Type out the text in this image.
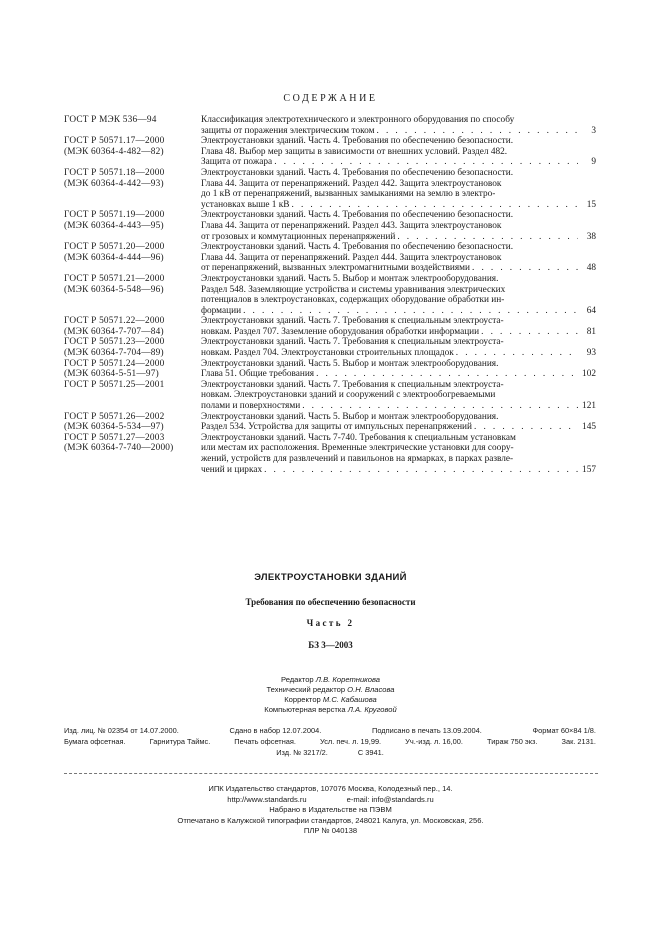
СОДЕРЖАНИЕ
ГОСТ Р МЭК 536—94	Классификация электротехнического и электронного оборудования по способу
защиты от поражения электрическим током . . .	3
ГОСТ Р 50571.17—2000
(МЭК 60364-4-482—82)
Электроустановки зданий. Часть 4. Требования по обеспечению безопасности.
Глава 48. Выбор мер защиты в зависимости от внешних условий. Раздел 482.
Защита от пожара . . .	9
ГОСТ Р 50571.18—2000
(МЭК 60364-4-442—93)
Электроустановки зданий. Часть 4. Требования по обеспечению безопасности.
Глава 44. Защита от перенапряжений. Раздел 442. Защита электроустановок
до 1 кВ от перенапряжений, вызванных замыканиями на землю в электро-
установках выше 1 кВ . . .	15
ГОСТ Р 50571.19—2000
(МЭК 60364-4-443—95)
Электроустановки зданий. Часть 4. Требования по обеспечению безопасности.
Глава 44. Защита от перенапряжений. Раздел 443. Защита электроустановок
от грозовых и коммутационных перенапряжений . . .	38
ГОСТ Р 50571.20—2000
(МЭК 60364-4-444—96)
Электроустановки зданий. Часть 4. Требования по обеспечению безопасности.
Глава 44. Защита от перенапряжений. Раздел 444. Защита электроустановок
от перенапряжений, вызванных электромагнитными воздействиями . . .	48
ГОСТ Р 50571.21—2000
(МЭК 60364-5-548—96)
Электроустановки зданий. Часть 5. Выбор и монтаж электрооборудования.
Раздел 548. Заземляющие устройства и системы уравнивания электрических
потенциалов в электроустановках, содержащих оборудование обработки ин-
формации . . .	64
ГОСТ Р 50571.22—2000
(МЭК 60364-7-707—84)
Электроустановки зданий. Часть 7. Требования к специальным электроуста-
новкам. Раздел 707. Заземление оборудования обработки информации . . .	81
ГОСТ Р 50571.23—2000
(МЭК 60364-7-704—89)
Электроустановки зданий. Часть 7. Требования к специальным электроуста-
новкам. Раздел 704. Электроустановки строительных площадок . . .	93
ГОСТ Р 50571.24—2000
(МЭК 60364-5-51—97)
Электроустановки зданий. Часть 5. Выбор и монтаж электрооборудования.
Глава 51. Общие требования . . .	102
ГОСТ Р 50571.25—2001	Электроустановки зданий. Часть 7. Требования к специальным электроуста-
новкам. Электроустановки зданий и сооружений с электрообогреваемыми
полами и поверхностями . . .	121
ГОСТ Р 50571.26—2002
(МЭК 60364-5-534—97)
Электроустановки зданий. Часть 5. Выбор и монтаж электрооборудования.
Раздел 534. Устройства для защиты от импульсных перенапряжений . . .	145
ГОСТ Р 50571.27—2003
(МЭК 60364-7-740—2000)
Электроустановки зданий. Часть 7-740. Требования к специальным установкам
или местам их расположения. Временные электрические установки для соору-
жений, устройств для развлечений и павильонов на ярмарках, в парках развле-
чений и цирках . . .	157
ЭЛЕКТРОУСТАНОВКИ ЗДАНИЙ
Требования по обеспечению безопасности
Часть 2
БЗ 3—2003
Редактор Л.В. Коретникова
Технический редактор О.Н. Власова
Корректор М.С. Кабашова
Компьютерная верстка Л.А. Круговой
Изд. лиц. № 02354 от 14.07.2000.	Сдано в набор 12.07.2004.	Подписано в печать 13.09.2004.	Формат 60×84 1/8.
Бумага офсетная.	Гарнитура Таймс.	Печать офсетная.	Усл. печ. л. 19,99.	Уч.-изд. л. 16,00.	Тираж 750 экз.	Зак. 2131.
Изд. № 3217/2.	С 3941.
ИПК Издательство стандартов, 107076 Москва, Колодезный пер., 14.
http://www.standards.ru	e-mail: info@standards.ru
Набрано в Издательстве на ПЭВМ
Отпечатано в Калужской типографии стандартов, 248021 Калуга, ул. Московская, 256.
ПЛР № 040138
